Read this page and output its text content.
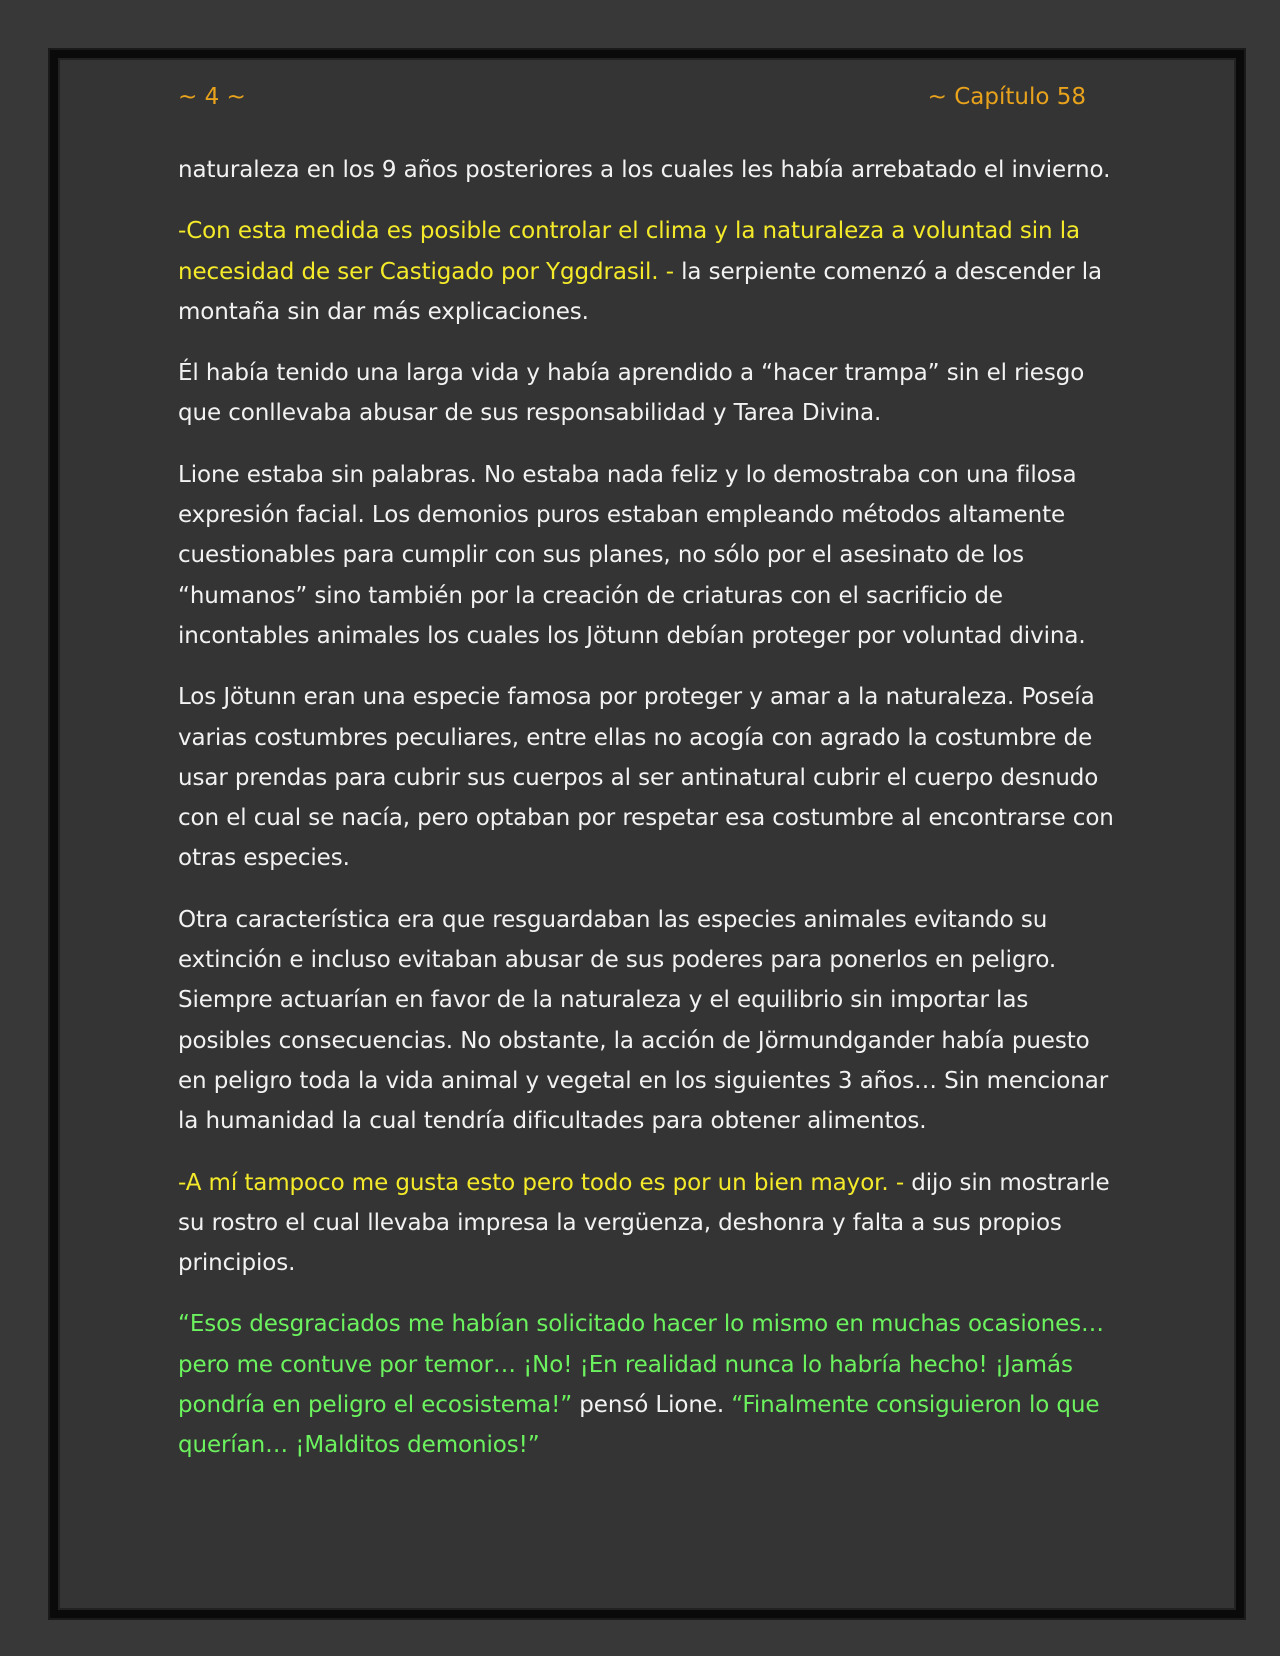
~ 4 ~	~ Capítulo 58

naturaleza en los 9 años posteriores a los cuales les había arrebatado el invierno.

-Con esta medida es posible controlar el clima y la naturaleza a voluntad sin la necesidad de ser Castigado por Yggdrasil. - la serpiente comenzó a descender la montaña sin dar más explicaciones.

Él había tenido una larga vida y había aprendido a “hacer trampa” sin el riesgo que conllevaba abusar de sus responsabilidad y Tarea Divina.

Lione estaba sin palabras. No estaba nada feliz y lo demostraba con una filosa expresión facial. Los demonios puros estaban empleando métodos altamente cuestionables para cumplir con sus planes, no sólo por el asesinato de los “humanos” sino también por la creación de criaturas con el sacrificio de incontables animales los cuales los Jötunn debían proteger por voluntad divina.

Los Jötunn eran una especie famosa por proteger y amar a la naturaleza. Poseía varias costumbres peculiares, entre ellas no acogía con agrado la costumbre de usar prendas para cubrir sus cuerpos al ser antinatural cubrir el cuerpo desnudo con el cual se nacía, pero optaban por respetar esa costumbre al encontrarse con otras especies.

Otra característica era que resguardaban las especies animales evitando su extinción e incluso evitaban abusar de sus poderes para ponerlos en peligro. Siempre actuarían en favor de la naturaleza y el equilibrio sin importar las posibles consecuencias. No obstante, la acción de Jörmundgander había puesto en peligro toda la vida animal y vegetal en los siguientes 3 años… Sin mencionar la humanidad la cual tendría dificultades para obtener alimentos.

-A mí tampoco me gusta esto pero todo es por un bien mayor. - dijo sin mostrarle su rostro el cual llevaba impresa la vergüenza, deshonra y falta a sus propios principios.

“Esos desgraciados me habían solicitado hacer lo mismo en muchas ocasiones… pero me contuve por temor… ¡No! ¡En realidad nunca lo habría hecho! ¡Jamás pondría en peligro el ecosistema!” pensó Lione. “Finalmente consiguieron lo que querían… ¡Malditos demonios!”
